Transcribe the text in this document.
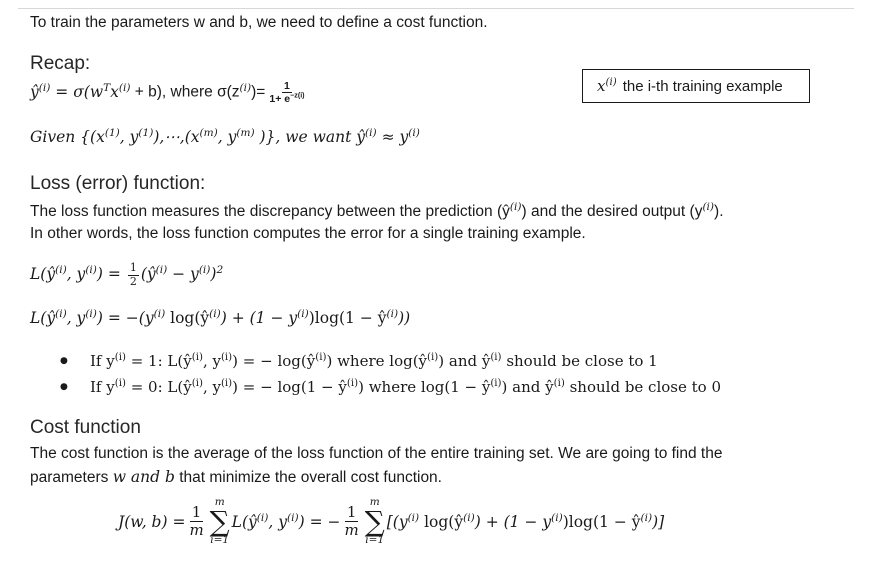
To train the parameters w and b, we need to define a cost function.
Recap:
$ŷ^{(i)} = \sigma(w^Tx^{(i)} + b)$, where $\sigma(z^{(i)})= \frac{1}{1+ e^{-z(i)}}$	$x^{(i)}$ the i-th training example
Given {($x^{(1)}$, $y^{(1)}),\cdots,(x^{(m)}$, $y^{(m)}$ )}, we want $ŷ^{(i)} \approx y^{(i)}$
Loss (error) function:
The loss function measures the discrepancy between the prediction $(ŷ^{(i)})$ and the desired output $(y^{(i)})$.
In other words, the loss function computes the error for a single training example.
$L(ŷ^{(i)}$, $y^{(i)}) = \frac{1}{2}$ $(ŷ^{(i)} - y^{(i)})^2$
$L(ŷ^{(i)}$, $y^{(i)}) = -(y^{(i)}$ $\log(ŷ^{(i)}) + (1 - y^{(i)})\log(1$ − $ŷ^{(i)}$))
● If $y^{(i)} = 1$: $L(ŷ^{(i)}$, $y^{(i)}$) = − $\log(ŷ^{(i)})$ where $\log(ŷ^{(i)})$ and $ŷ^{(i)}$ should be close to 1
● If $y^{(i)} = 0$: $L(ŷ^{(i)}$, $y^{(i)}$) = − $\log(1 - ŷ^{(i)})$ where $\log(1 - ŷ^{(i)})$ and $ŷ^{(i)}$ should be close to 0
Cost function
The cost function is the average of the loss function of the entire training set. We are going to find the
parameters w and b that minimize the overall cost function.
J(w, $b) = \frac{1}{m}$
m
∑
i=1
$L(ŷ^{(i)}$, $y^{(i)}$) = − $\frac{1}{m}$
m
∑
i=1
[($y^{(i)}$ $\log(ŷ^{(i)}) + (1 - y^{(i)})\log(1$ − $ŷ^{(i)}$)]
